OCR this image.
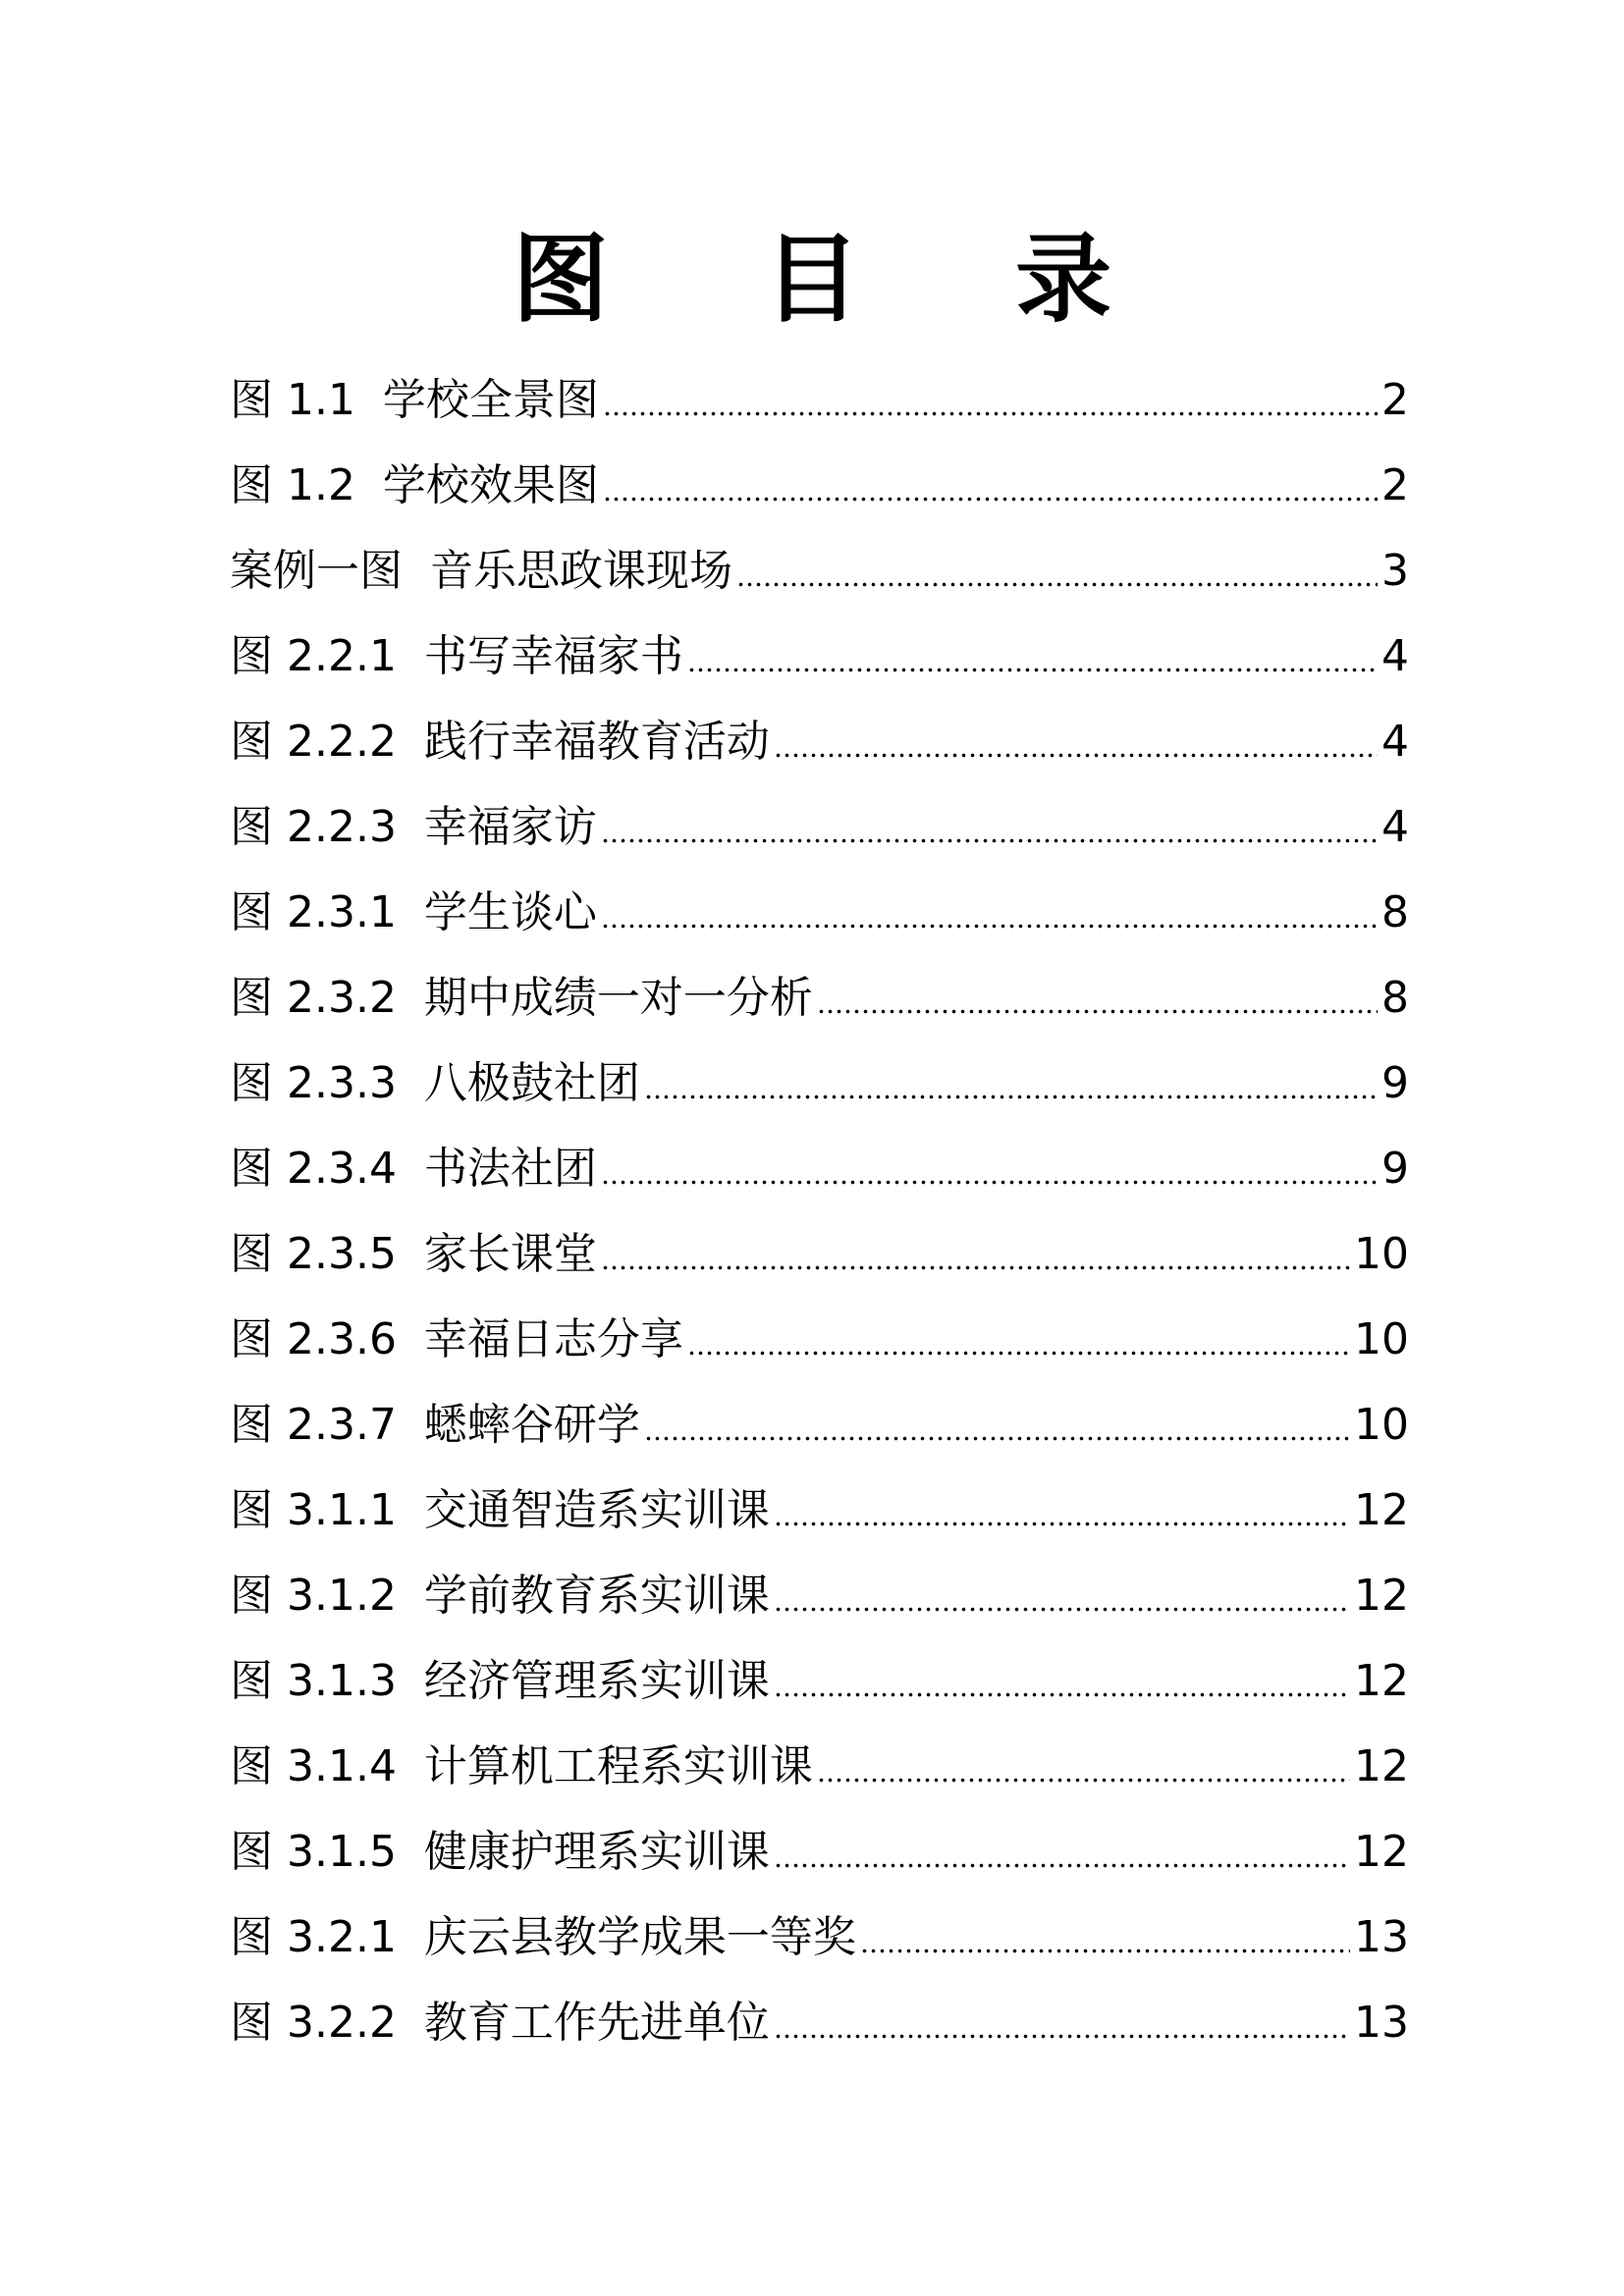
图 目 录
图 1.1  学校全景图	2
图 1.2  学校效果图	2
案例一图  音乐思政课现场	3
图 2.2.1  书写幸福家书	4
图 2.2.2  践行幸福教育活动	4
图 2.2.3  幸福家访	4
图 2.3.1  学生谈心	8
图 2.3.2  期中成绩一对一分析	8
图 2.3.3  八极鼓社团	9
图 2.3.4  书法社团	9
图 2.3.5  家长课堂	10
图 2.3.6  幸福日志分享	10
图 2.3.7  蟋蟀谷研学	10
图 3.1.1  交通智造系实训课	12
图 3.1.2  学前教育系实训课	12
图 3.1.3  经济管理系实训课	12
图 3.1.4  计算机工程系实训课	12
图 3.1.5  健康护理系实训课	12
图 3.2.1  庆云县教学成果一等奖	13
图 3.2.2  教育工作先进单位	13
